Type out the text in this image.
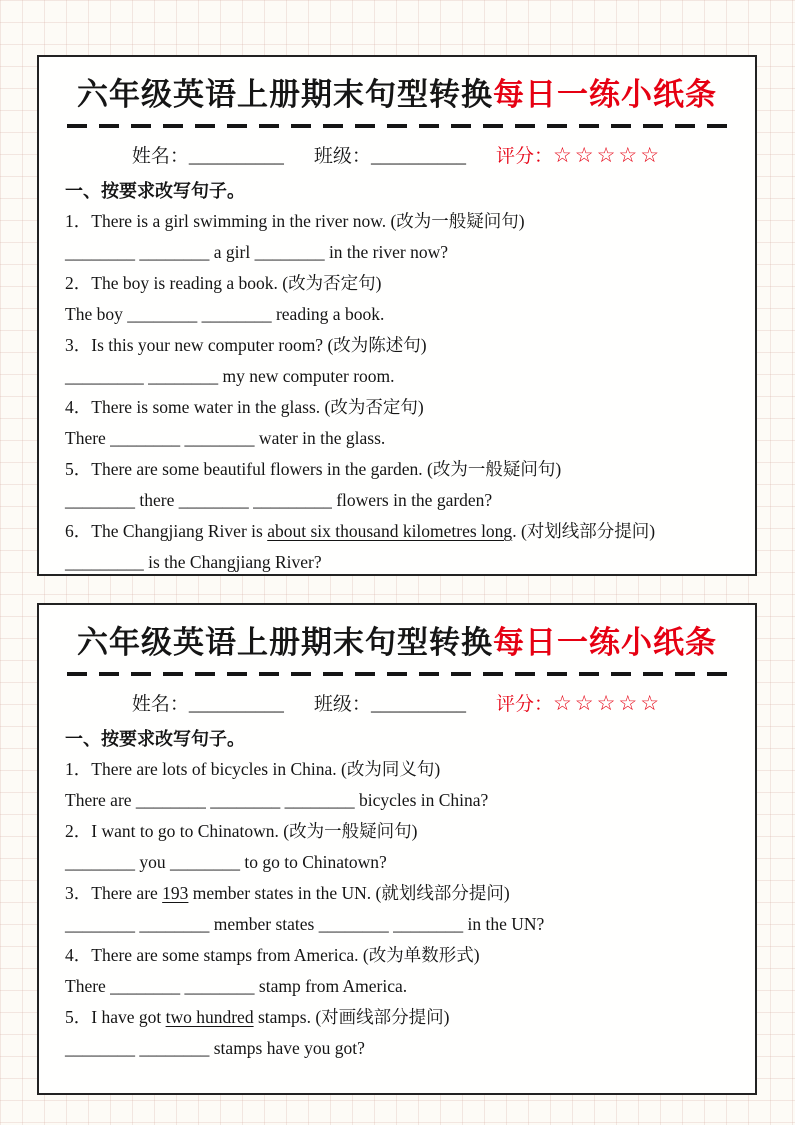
六年级英语上册期末句型转换每日一练小纸条
姓名：__________ 班级：__________ 评分：☆☆☆☆☆
一、按要求改写句子。
1．There is a girl swimming in the river now. (改为一般疑问句)
________ ________ a girl ________ in the river now?
2．The boy is reading a book. (改为否定句)
The boy ________ ________ reading a book.
3．Is this your new computer room? (改为陈述句)
_________ ________ my new computer room.
4．There is some water in the glass. (改为否定句)
There ________ ________ water in the glass.
5．There are some beautiful flowers in the garden. (改为一般疑问句)
________ there ________ _________ flowers in the garden?
6．The Changjiang River is about six thousand kilometres long. (对划线部分提问)
_________ is the Changjiang River?
六年级英语上册期末句型转换每日一练小纸条
姓名：__________ 班级：__________ 评分：☆☆☆☆☆
一、按要求改写句子。
1．There are lots of bicycles in China. (改为同义句)
There are ________ ________ ________ bicycles in China?
2．I want to go to Chinatown. (改为一般疑问句)
________ you ________ to go to Chinatown?
3．There are 193 member states in the UN. (就划线部分提问)
________ ________ member states ________ ________ in the UN?
4．There are some stamps from America. (改为单数形式)
There ________ ________ stamp from America.
5．I have got two hundred stamps. (对画线部分提问)
________ ________ stamps have you got?
